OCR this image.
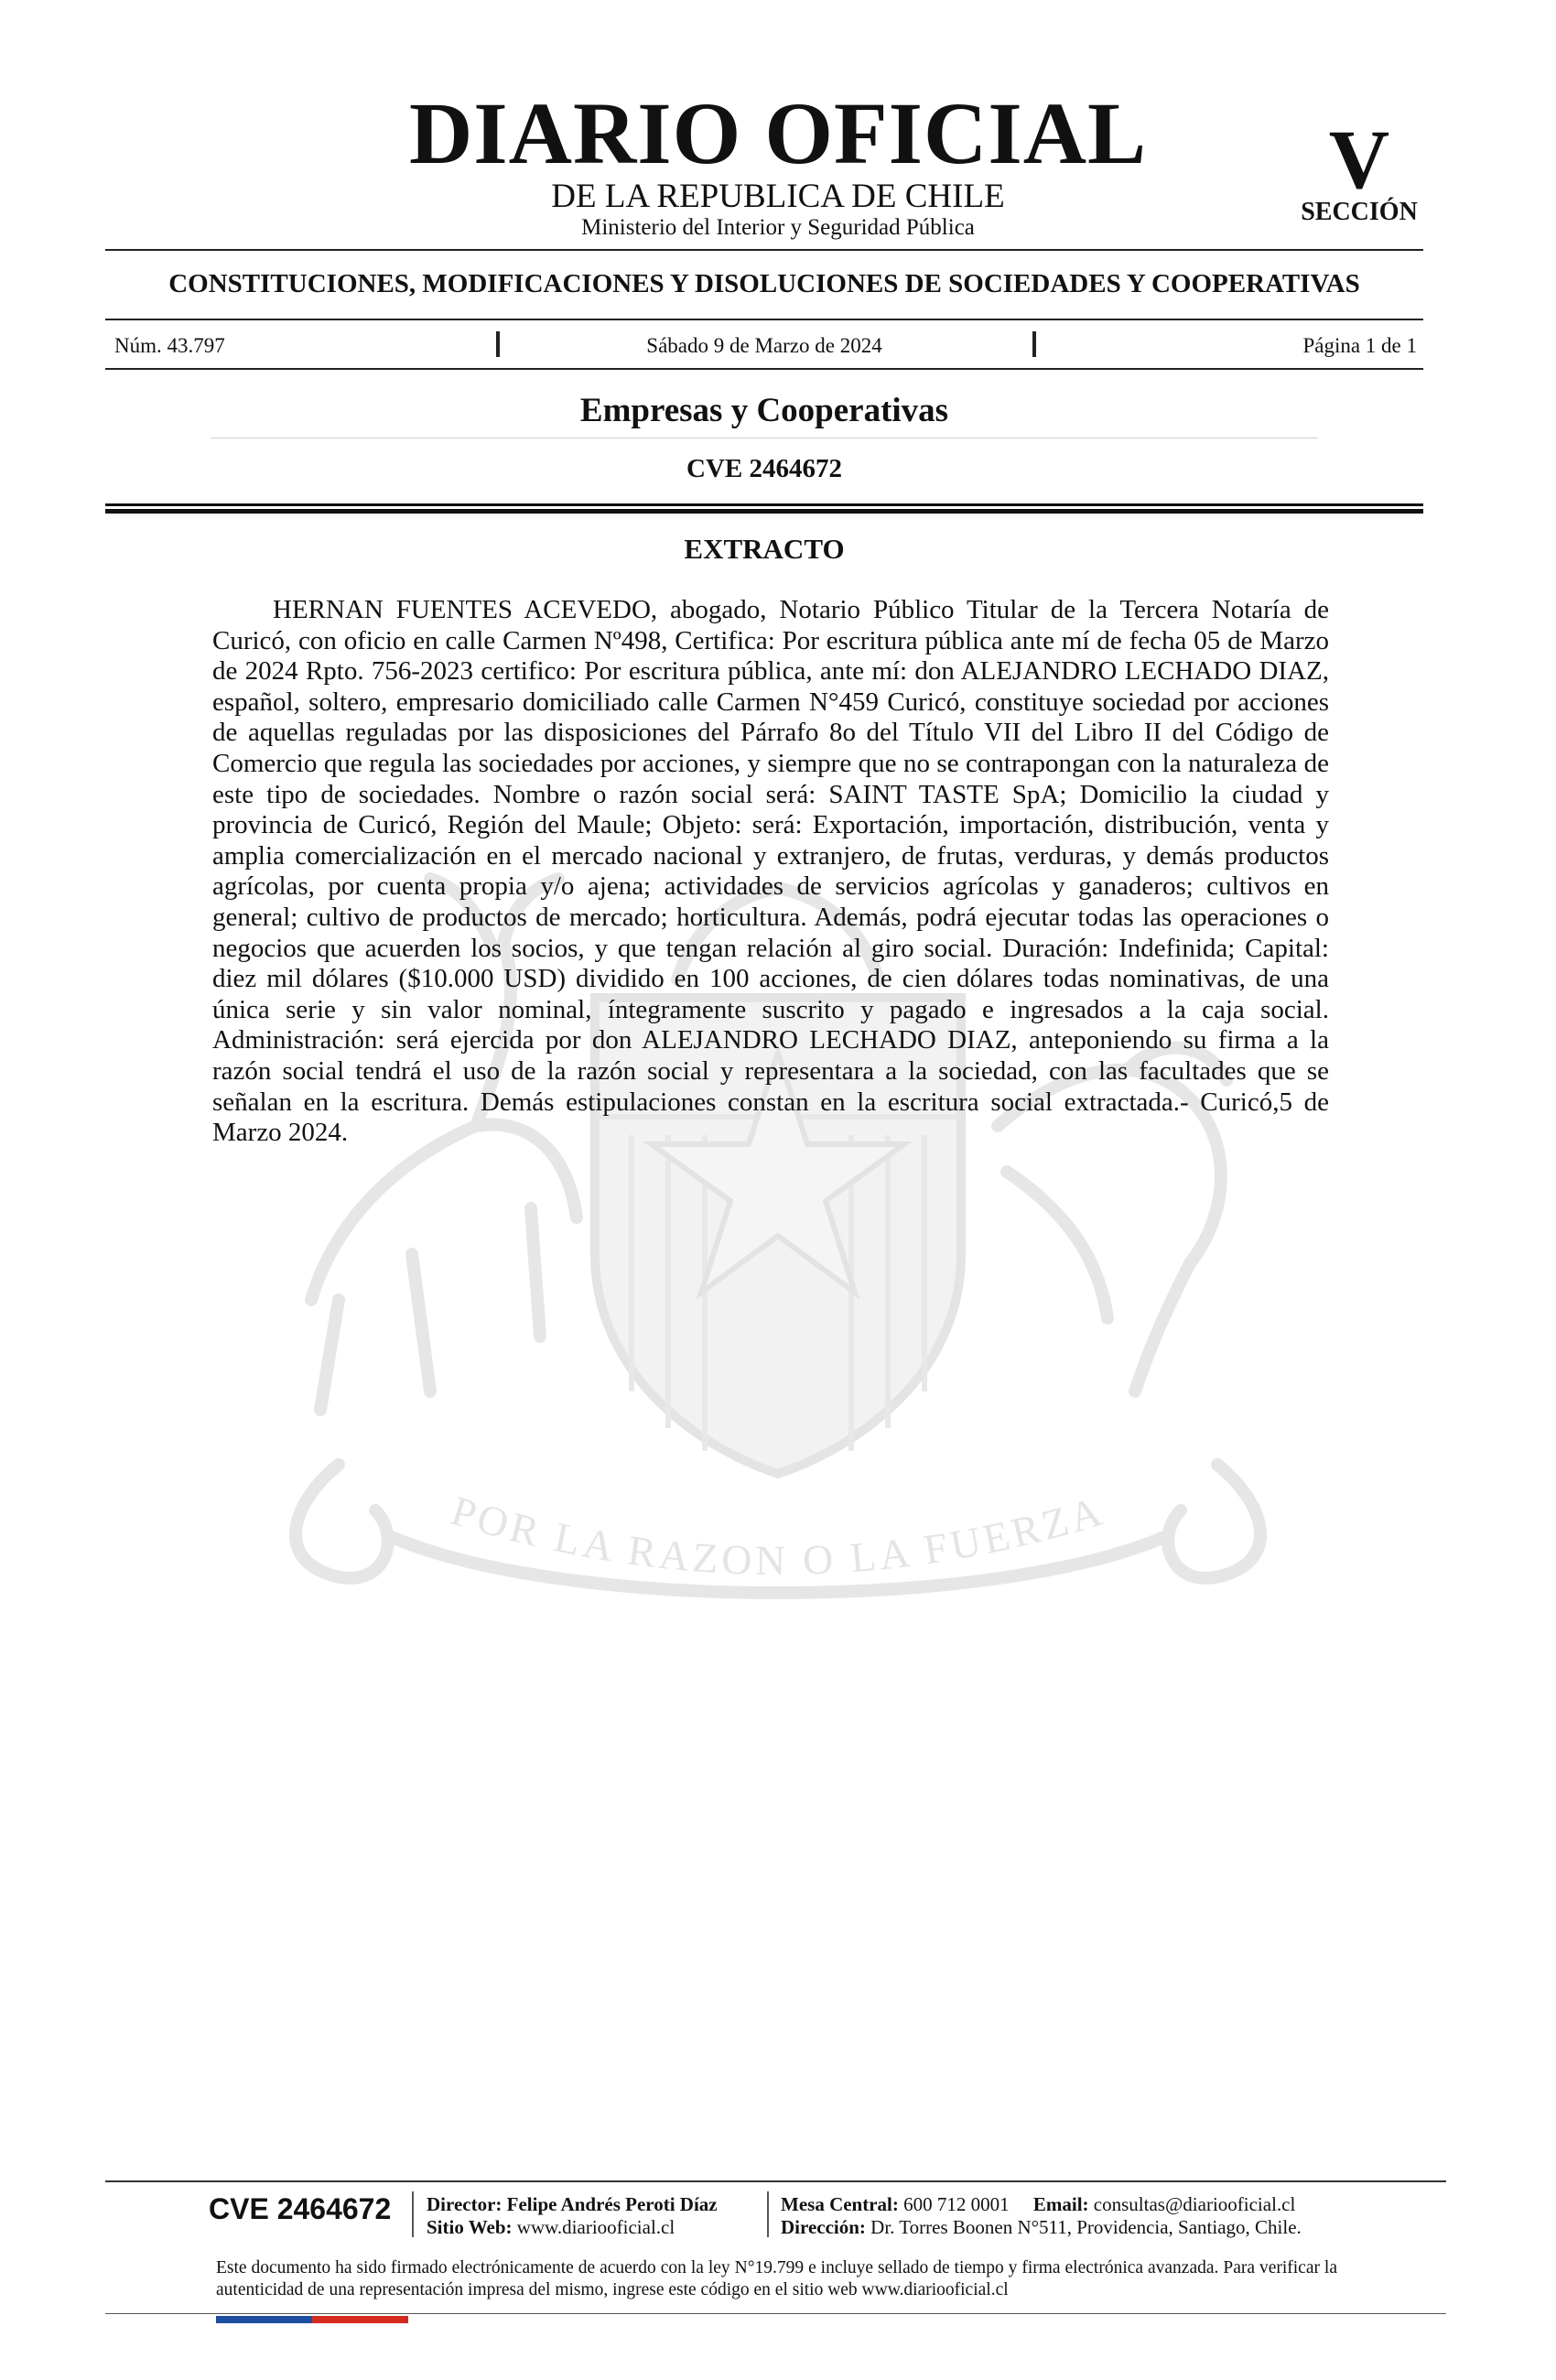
DIARIO OFICIAL
DE LA REPUBLICA DE CHILE
Ministerio del Interior y Seguridad Pública
V
SECCIÓN
CONSTITUCIONES, MODIFICACIONES Y DISOLUCIONES DE SOCIEDADES Y COOPERATIVAS
Núm. 43.797	Sábado 9 de Marzo de 2024	Página 1 de 1
Empresas y Cooperativas
CVE 2464672
POR LA RAZON O LA FUERZA
EXTRACTO

HERNAN FUENTES ACEVEDO, abogado, Notario Público Titular de la Tercera Notaría de Curicó, con oficio en calle Carmen Nº498, Certifica: Por escritura pública ante mí de fecha 05 de Marzo de 2024 Rpto. 756-2023 certifico: Por escritura pública, ante mí: don ALEJANDRO LECHADO DIAZ, español, soltero, empresario domiciliado calle Carmen N°459 Curicó, constituye sociedad por acciones de aquellas reguladas por las disposiciones del Párrafo 8o del Título VII del Libro II del Código de Comercio que regula las sociedades por acciones, y siempre que no se contrapongan con la naturaleza de este tipo de sociedades. Nombre o razón social será: SAINT TASTE SpA; Domicilio la ciudad y provincia de Curicó, Región del Maule; Objeto: será: Exportación, importación, distribución, venta y amplia comercialización en el mercado nacional y extranjero, de frutas, verduras, y demás productos agrícolas, por cuenta propia y/o ajena; actividades de servicios agrícolas y ganaderos; cultivos en general; cultivo de productos de mercado; horticultura. Además, podrá ejecutar todas las operaciones o negocios que acuerden los socios, y que tengan relación al giro social. Duración: Indefinida; Capital: diez mil dólares ($10.000 USD) dividido en 100 acciones, de cien dólares todas nominativas, de una única serie y sin valor nominal, íntegramente suscrito y pagado e ingresados a la caja social. Administración: será ejercida por don ALEJANDRO LECHADO DIAZ, anteponiendo su firma a la razón social tendrá el uso de la razón social y representara a la sociedad, con las facultades que se señalan en la escritura. Demás estipulaciones constan en la escritura social extractada.- Curicó,5 de Marzo 2024.

CVE 2464672 Director: Felipe Andrés Peroti Díaz
Sitio Web: www.diariooficial.cl
Mesa Central: 600 712 0001 Email: consultas@diariooficial.cl
Dirección: Dr. Torres Boonen N°511, Providencia, Santiago, Chile.

Este documento ha sido firmado electrónicamente de acuerdo con la ley N°19.799 e incluye sellado de tiempo y firma electrónica avanzada. Para verificar la autenticidad de una representación impresa del mismo, ingrese este código en el sitio web www.diariooficial.cl
